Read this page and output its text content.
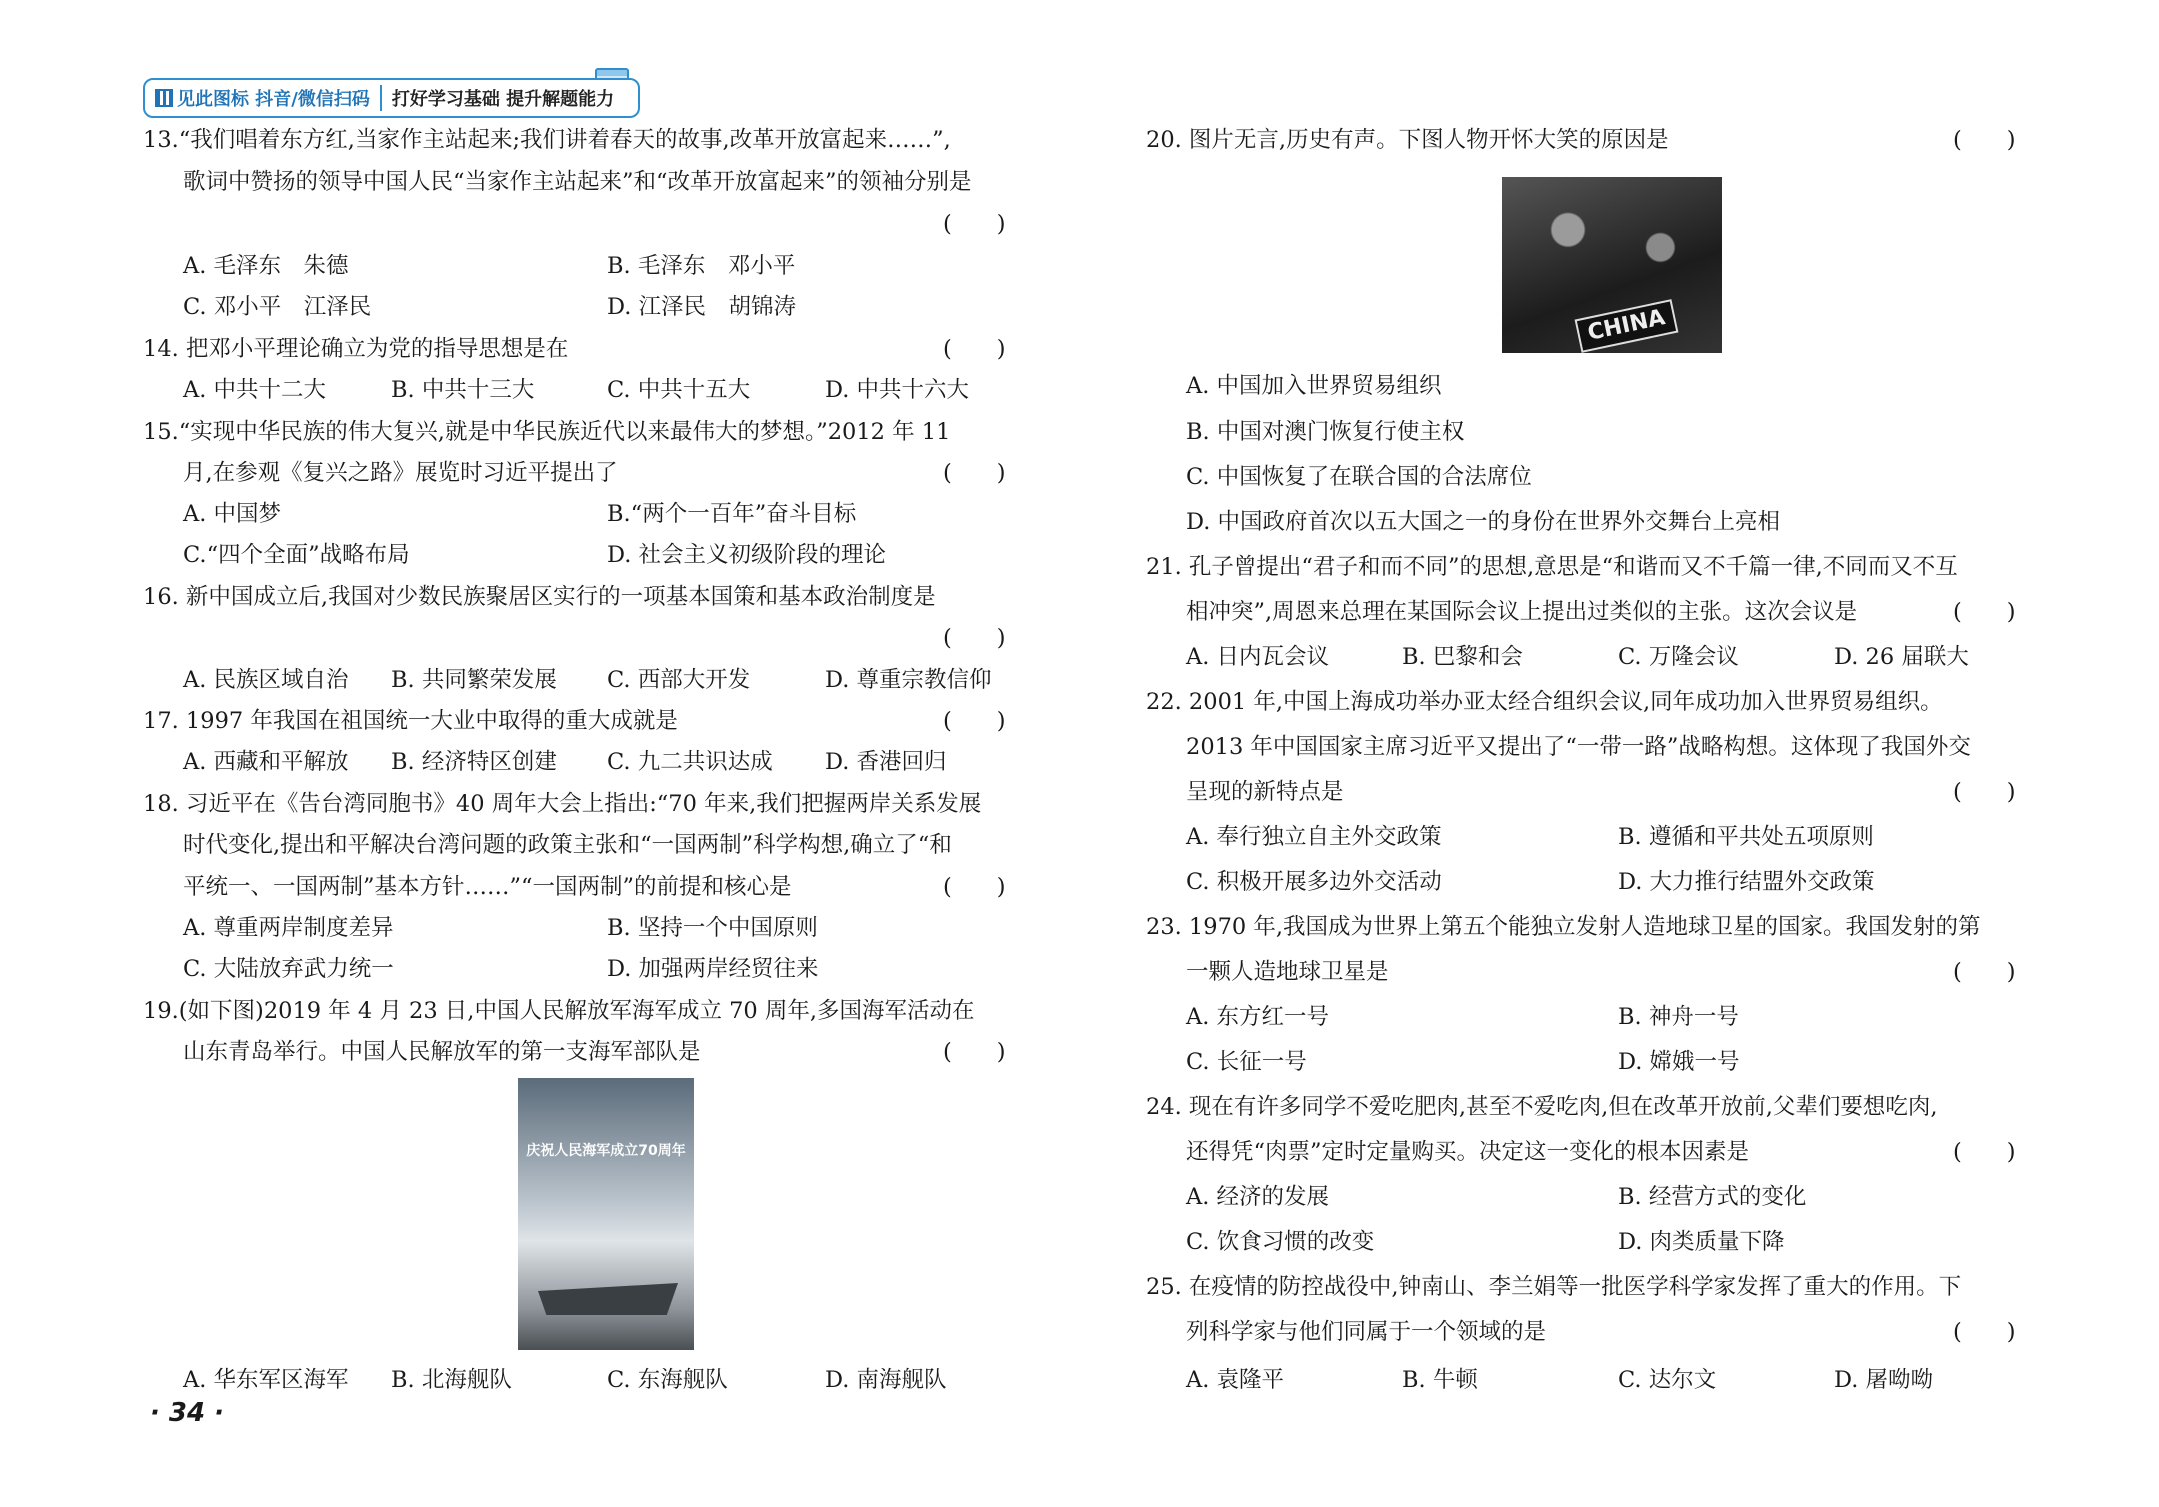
见此图标 抖音/微信扫码 打好学习基础 提升解题能力
13.“我们唱着东方红,当家作主站起来;我们讲着春天的故事,改革开放富起来……”,
歌词中赞扬的领导中国人民“当家作主站起来”和“改革开放富起来”的领袖分别是
(　　)
A. 毛泽东　朱德	B. 毛泽东　邓小平
C. 邓小平　江泽民	D. 江泽民　胡锦涛
14. 把邓小平理论确立为党的指导思想是在	(　　)
A. 中共十二大	B. 中共十三大	C. 中共十五大	D. 中共十六大
15.“实现中华民族的伟大复兴,就是中华民族近代以来最伟大的梦想。”2012 年 11
月,在参观《复兴之路》展览时习近平提出了	(　　)
A. 中国梦	B.“两个一百年”奋斗目标
C.“四个全面”战略布局	D. 社会主义初级阶段的理论
16. 新中国成立后,我国对少数民族聚居区实行的一项基本国策和基本政治制度是
(　　)
A. 民族区域自治 B. 共同繁荣发展 C. 西部大开发	D. 尊重宗教信仰
17. 1997 年我国在祖国统一大业中取得的重大成就是	(　　)
A. 西藏和平解放 B. 经济特区创建 C. 九二共识达成 D. 香港回归
18. 习近平在《告台湾同胞书》40 周年大会上指出:“70 年来,我们把握两岸关系发展
时代变化,提出和平解决台湾问题的政策主张和“一国两制”科学构想,确立了“和
平统一、一国两制”基本方针……”“一国两制”的前提和核心是	(　　)
A. 尊重两岸制度差异	B. 坚持一个中国原则
C. 大陆放弃武力统一	D. 加强两岸经贸往来
19.(如下图)2019 年 4 月 23 日,中国人民解放军海军成立 70 周年,多国海军活动在
山东青岛举行。中国人民解放军的第一支海军部队是	(　　)
庆祝人民海军成立70周年
A. 华东军区海军 B. 北海舰队	C. 东海舰队	D. 南海舰队
20. 图片无言,历史有声。下图人物开怀大笑的原因是	(　　)
CHINA
A. 中国加入世界贸易组织
B. 中国对澳门恢复行使主权
C. 中国恢复了在联合国的合法席位
D. 中国政府首次以五大国之一的身份在世界外交舞台上亮相
21. 孔子曾提出“君子和而不同”的思想,意思是“和谐而又不千篇一律,不同而又不互
相冲突”,周恩来总理在某国际会议上提出过类似的主张。这次会议是	(　　)
A. 日内瓦会议	B. 巴黎和会	C. 万隆会议	D. 26 届联大
22. 2001 年,中国上海成功举办亚太经合组织会议,同年成功加入世界贸易组织。
2013 年中国国家主席习近平又提出了“一带一路”战略构想。这体现了我国外交
呈现的新特点是	(　　)
A. 奉行独立自主外交政策	B. 遵循和平共处五项原则
C. 积极开展多边外交活动	D. 大力推行结盟外交政策
23. 1970 年,我国成为世界上第五个能独立发射人造地球卫星的国家。我国发射的第
一颗人造地球卫星是	(　　)
A. 东方红一号	B. 神舟一号
C. 长征一号	D. 嫦娥一号
24. 现在有许多同学不爱吃肥肉,甚至不爱吃肉,但在改革开放前,父辈们要想吃肉,
还得凭“肉票”定时定量购买。决定这一变化的根本因素是	(　　)
A. 经济的发展	B. 经营方式的变化
C. 饮食习惯的改变	D. 肉类质量下降
25. 在疫情的防控战役中,钟南山、李兰娟等一批医学科学家发挥了重大的作用。下
列科学家与他们同属于一个领域的是	(　　)
A. 袁隆平	B. 牛顿	C. 达尔文	D. 屠呦呦
· 34 ·
